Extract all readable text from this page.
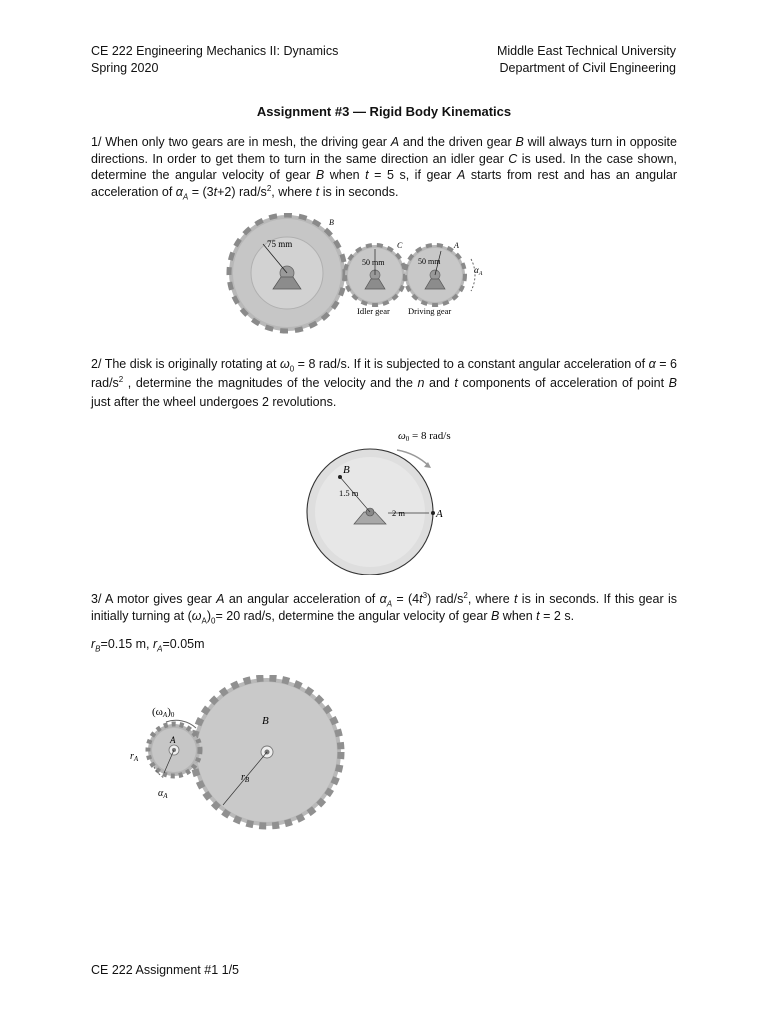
CE 222 Engineering Mechanics II: Dynamics
Spring 2020
Middle East Technical University
Department of Civil Engineering
Assignment #3 — Rigid Body Kinematics
1/ When only two gears are in mesh, the driving gear A and the driven gear B will always turn in opposite directions. In order to get them to turn in the same direction an idler gear C is used. In the case shown, determine the angular velocity of gear B when t = 5 s, if gear A starts from rest and has an angular acceleration of $\alpha_A = (3t+2)$ rad/$s^2$, where t is in seconds.
75 mm
50 mm	50 mm
B
C	A
$\alpha_A$
Idler gear Driving gear
2/ The disk is originally rotating at $\omega_0 = 8$ rad/s. If it is subjected to a constant angular acceleration of α = 6 rad/$s^2$ , determine the magnitudes of the velocity and the n and t components of acceleration of point B just after the wheel undergoes 2 revolutions.
ω0 = 8 rad/s
B
A
1.5 m
2 m
3/ A motor gives gear A an angular acceleration of $\alpha_A = (4t^3)$ rad/$s^2$, where t is in seconds. If this gear is initially turning at $(\omega_A)_0= 20$ rad/s, determine the angular velocity of gear B when t = 2 s.
$r_B=0.15$ m, $r_A=0.05m$
(ωA)0	B
A
$r_A$
$r_B$
$\alpha_A$
CE 222 Assignment #1 1/5
